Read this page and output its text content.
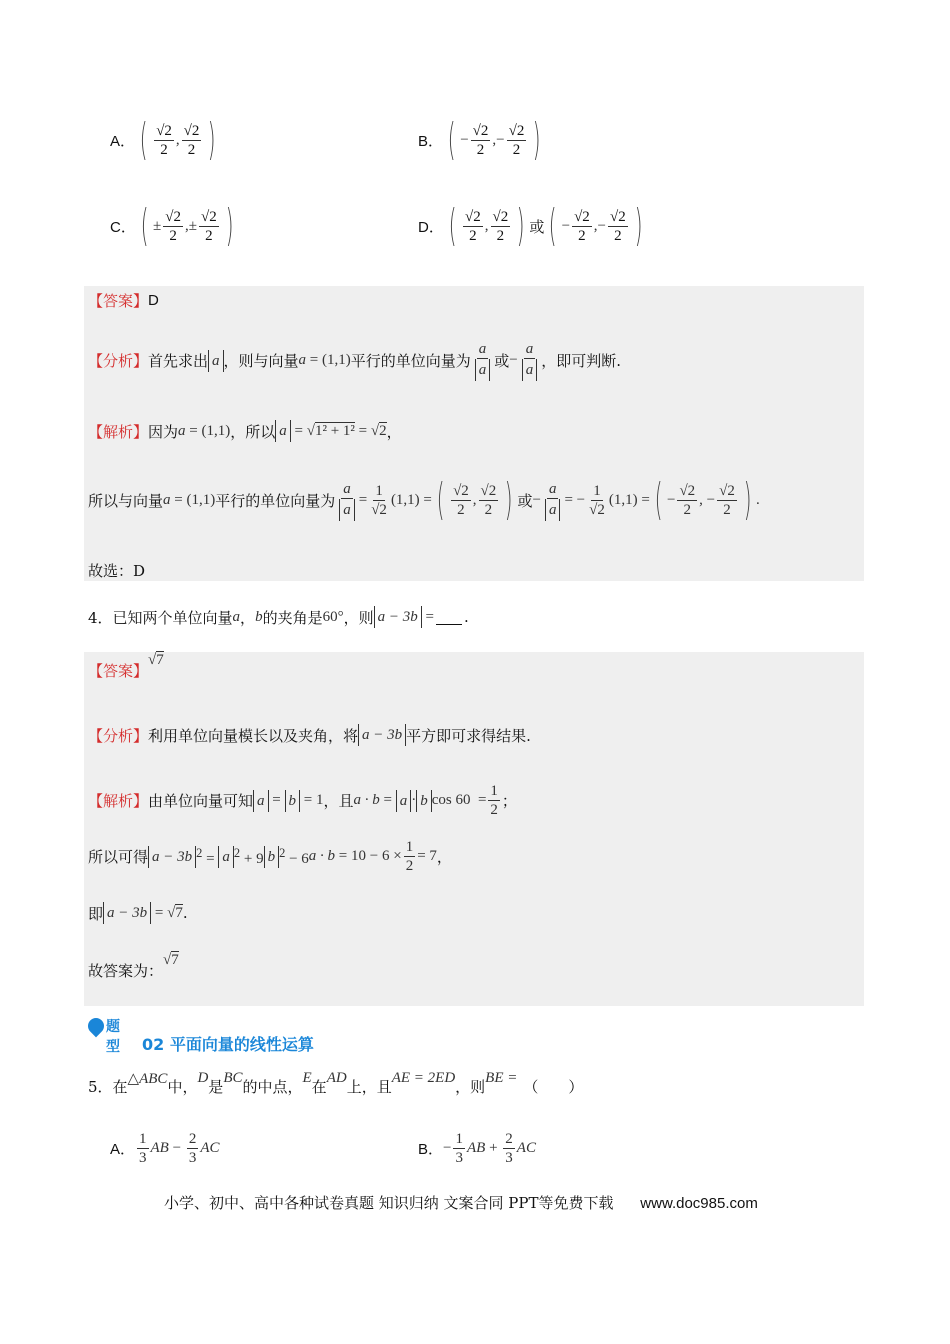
A． ( $\frac{√2}{2}$ , $\frac{√2}{2}$ )	B． ( − $\frac{√2}{2}$ , − $\frac{√2}{2}$ )
C． ( ± $\frac{√2}{2}$ , ± $\frac{√2}{2}$ )	D． ( $\frac{√2}{2}$ , $\frac{√2}{2}$ ) 或 ( − $\frac{√2}{2}$ , − $\frac{√2}{2}$ )
【答案】 D
【分析】 首先求出 a ，则与向量 a = (1,1) 平行的单位向量为 $\frac{a}{a}$ 或 − $\frac{a}{a}$ ，即可判断.
【解析】 因为 a = (1,1) ，所以 a = √1² + 1² = √2 ，
所以与向量 a = (1,1) 平行的单位向量为 $\frac{a}{a} = \frac{1}{√2} (1,1)$ = ( $\frac{√2}{2}$ , $\frac{√2}{2}$ ) 或 − $\frac{a}{a}$ = − $\frac{1}{√2} (1,1)$ = ( − $\frac{√2}{2}$ , − $\frac{√2}{2}$ ) .
故选：D
4．已知两个单位向量 a ， b 的夹角是 60° ，则 a − 3b = .
【答案】
√7
【分析】 利用单位向量模长以及夹角，将 a − 3b 平方即可求得结果.
【解析】 由单位向量可知 a = b = 1 ，且 a · b = a · b $\cos 60 = \frac{1}{2}$ ；
所以可得 a − 3b $^2$ = a $^2$ + 9 b $^2$ − 6 $a \cdot b = 10 - 6 \times \frac{1}{2} = 7$ ，
即 a − 3b = √7 .
故答案为：
√7
题型 02 平面向量的线性运算
5．在 △ABC 中， D 是 BC 的中点， E 在 AD 上，且 AE = 2ED ，则 BE = （　　）
A． $\frac{1}{3}$ AB − $\frac{2}{3}$ AC	B． − $\frac{1}{3}$ AB + $\frac{2}{3}$ AC
小学、初中、高中各种试卷真题 知识归纳 文案合同 PPT等免费下载 www.doc985.com
